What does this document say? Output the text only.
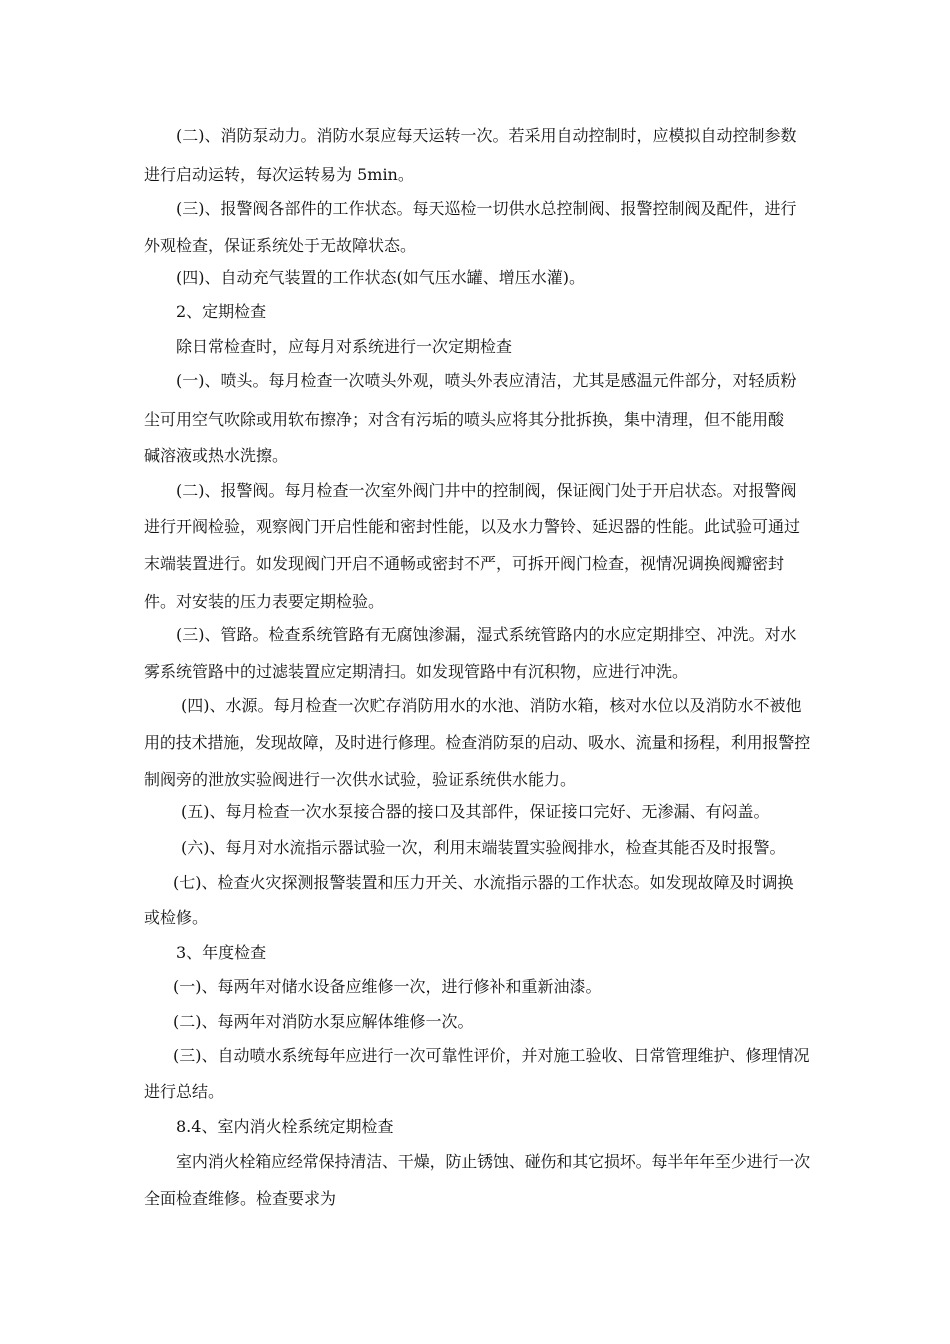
(二)、消防泵动力。消防水泵应每天运转一次。若采用自动控制时，应模拟自动控制参数
进行启动运转，每次运转易为 5min。
(三)、报警阀各部件的工作状态。每天巡检一切供水总控制阀、报警控制阀及配件，进行
外观检查，保证系统处于无故障状态。
(四)、自动充气装置的工作状态(如气压水罐、增压水灌)。
2、定期检查
除日常检查时，应每月对系统进行一次定期检查
(一)、喷头。每月检查一次喷头外观，喷头外表应清洁，尤其是感温元件部分，对轻质粉
尘可用空气吹除或用软布擦净；对含有污垢的喷头应将其分批拆换，集中清理，但不能用酸
碱溶液或热水洗擦。
(二)、报警阀。每月检查一次室外阀门井中的控制阀，保证阀门处于开启状态。对报警阀
进行开阀检验，观察阀门开启性能和密封性能，以及水力警铃、延迟器的性能。此试验可通过
末端装置进行。如发现阀门开启不通畅或密封不严，可拆开阀门检查，视情况调换阀瓣密封
件。对安装的压力表要定期检验。
(三)、管路。检查系统管路有无腐蚀渗漏，湿式系统管路内的水应定期排空、冲洗。对水
雾系统管路中的过滤装置应定期清扫。如发现管路中有沉积物，应进行冲洗。
(四)、水源。每月检查一次贮存消防用水的水池、消防水箱，核对水位以及消防水不被他
用的技术措施，发现故障，及时进行修理。检查消防泵的启动、吸水、流量和扬程，利用报警控
制阀旁的泄放实验阀进行一次供水试验，验证系统供水能力。
(五)、每月检查一次水泵接合器的接口及其部件，保证接口完好、无渗漏、有闷盖。
(六)、每月对水流指示器试验一次，利用末端装置实验阀排水，检查其能否及时报警。
(七)、检查火灾探测报警装置和压力开关、水流指示器的工作状态。如发现故障及时调换
或检修。
3、年度检查
(一)、每两年对储水设备应维修一次，进行修补和重新油漆。
(二)、每两年对消防水泵应解体维修一次。
(三)、自动喷水系统每年应进行一次可靠性评价，并对施工验收、日常管理维护、修理情况
进行总结。
8.4、室内消火栓系统定期检查
室内消火栓箱应经常保持清洁、干燥，防止锈蚀、碰伤和其它损坏。每半年年至少进行一次
全面检查维修。检查要求为
